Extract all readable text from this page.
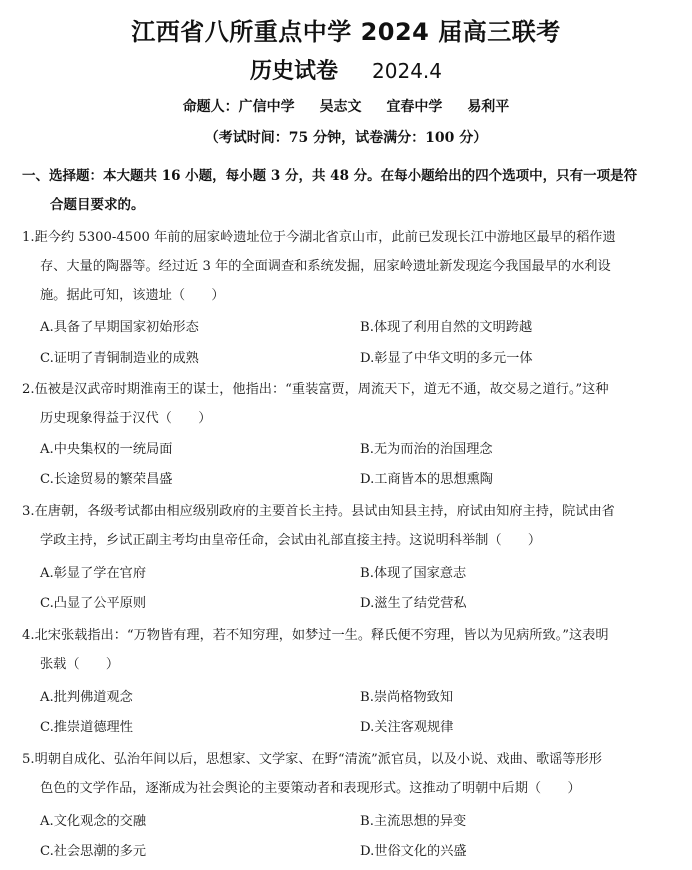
江西省八所重点中学 2024 届高三联考
历史试卷 2024.4
命题人：广信中学 吴志文 宜春中学 易利平
（考试时间：75 分钟，试卷满分：100 分）
一、选择题：本大题共 16 小题，每小题 3 分，共 48 分。在每小题给出的四个选项中，只有一项是符
合题目要求的。
1.距今约 5300-4500 年前的屈家岭遗址位于今湖北省京山市，此前已发现长江中游地区最早的稻作遗
存、大量的陶器等。经过近 3 年的全面调查和系统发掘，屈家岭遗址新发现迄今我国最早的水利设
施。据此可知，该遗址（　　）
A.具备了早期国家初始形态	B.体现了利用自然的文明跨越
C.证明了青铜制造业的成熟	D.彰显了中华文明的多元一体
2.伍被是汉武帝时期淮南王的谋士，他指出：“重装富贾，周流天下，道无不通，故交易之道行。”这种
历史现象得益于汉代（　　）
A.中央集权的一统局面	B.无为而治的治国理念
C.长途贸易的繁荣昌盛	D.工商皆本的思想熏陶
3.在唐朝，各级考试都由相应级别政府的主要首长主持。县试由知县主持，府试由知府主持，院试由省
学政主持，乡试正副主考均由皇帝任命，会试由礼部直接主持。这说明科举制（　　）
A.彰显了学在官府	B.体现了国家意志
C.凸显了公平原则	D.滋生了结党营私
4.北宋张载指出：“万物皆有理，若不知穷理，如梦过一生。释氏便不穷理，皆以为见病所致。”这表明
张载（　　）
A.批判佛道观念	B.崇尚格物致知
C.推崇道德理性	D.关注客观规律
5.明朝自成化、弘治年间以后，思想家、文学家、在野“清流”派官员，以及小说、戏曲、歌谣等形形
色色的文学作品，逐渐成为社会舆论的主要策动者和表现形式。这推动了明朝中后期（　　）
A.文化观念的交融	B.主流思想的异变
C.社会思潮的多元	D.世俗文化的兴盛
